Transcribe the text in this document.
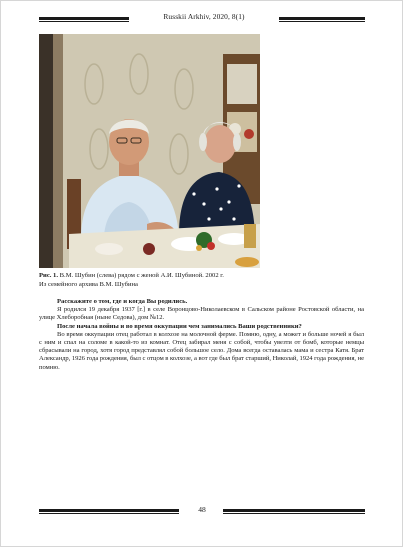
Russkii Arkhiv, 2020, 8(1)
Рис. 1. В.М. Шубин (слева) рядом с женой А.И. Шубиной. 2002 г.
Из семейного архива В.М. Шубина
Расскажите о том, где и когда Вы родились.
Я родился 19 декабря 1937 [г.] в селе Воронцово-Николаевском в Сальском районе Ростовской области, на улице Хлеборобная (ныне Седова), дом №12.
После начала войны и во время оккупации чем занимались Ваши родственники?
Во время оккупации отец работал в колхозе на молочной ферме. Помню, одну, а может и больше ночей я был с ним и спал на соломе в какой-то из комнат. Отец забирал меня с собой, чтобы увезти от бомб, которые немцы сбрасывали на город, хотя город представлял собой большое село. Дома всегда оставалась мама и сестра Катя. Брат Александр, 1926 года рождения, был с отцом в колхозе, а вот где был брат старший, Николай, 1924 года рождения, не помню.
48
